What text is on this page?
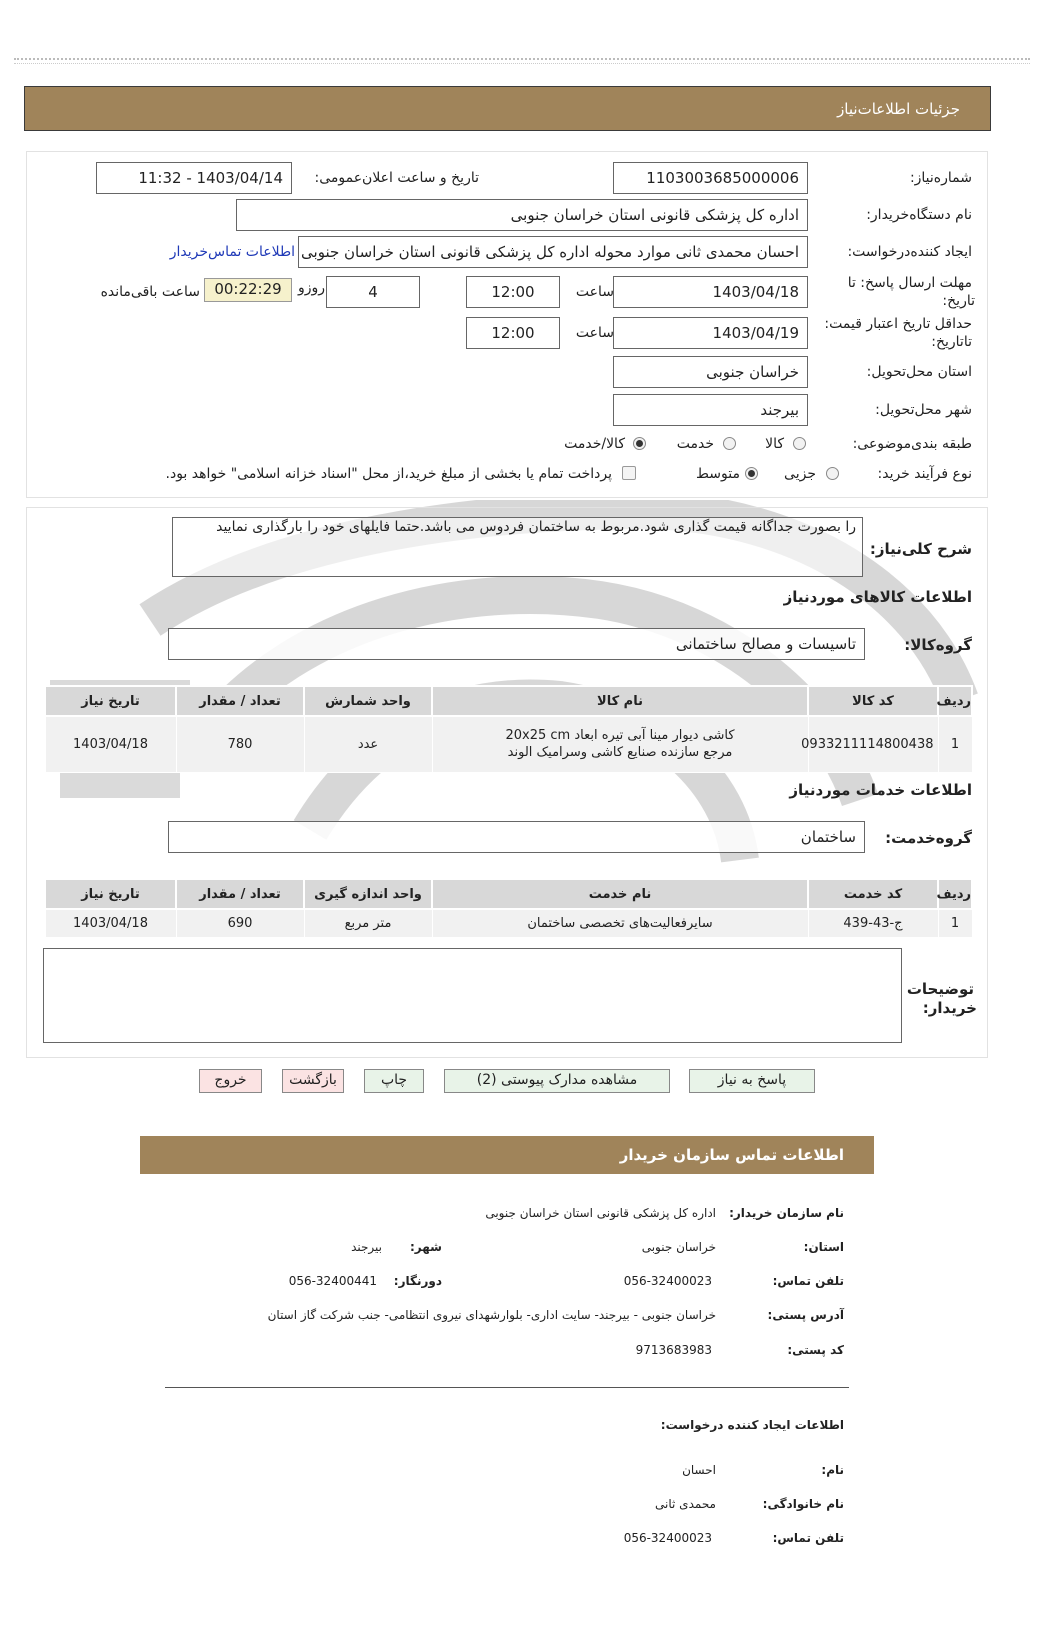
جزئیات اطلاعات‌نیاز
شماره‌نیاز:
1103003685000006
تاریخ و ساعت اعلان‌عمومی:
1403/04/14 - 11:32
نام دستگاه‌خریدار:
اداره کل پزشکی قانونی استان خراسان جنوبی
ایجاد کننده‌درخواست:
احسان محمدی ثانی موارد محوله اداره کل پزشکی قانونی استان خراسان جنوبی
اطلاعات تماس‌خریدار
مهلت ارسال پاسخ: تا
تاریخ:
1403/04/18
ساعت
12:00
4
روزو
00:22:29
ساعت باقی‌مانده
حداقل تاریخ اعتبار قیمت:
تاتاریخ:
1403/04/19
ساعت
12:00
استان محل‌تحویل:
خراسان جنوبی
شهر محل‌تحویل:
بیرجند
طبقه بندی‌موضوعی:
کالا
خدمت
کالا/خدمت
نوع فرآیند خرید:
جزیی
متوسط
پرداخت تمام یا بخشی از مبلغ خرید،از محل "اسناد خزانه اسلامی" خواهد بود.
شرح کلی‌نیاز:
را بصورت جداگانه قیمت گذاری شود.مربوط به ساختمان فردوس می باشد.حتما فایلهای خود را بارگذاری نمایید
اطلاعات کالاهای موردنیاز
گروه‌کالا:
تاسیسات و مصالح ساختمانی
ردیف	کد کالا	نام کالا	واحد شمارش	تعداد / مقدار	تاریخ نیاز
1	0933211114800438	کاشی دیوار مینا آبی تیره ابعاد 20x25 cm مرجع سازنده صنایع کاشی وسرامیک الوند	عدد	780	1403/04/18
اطلاعات خدمات موردنیاز
گروه‌خدمت:
ساختمان
ردیف	کد خدمت	نام خدمت	واحد اندازه گیری	تعداد / مقدار	تاریخ نیاز
1	ج-43-439	سایرفعالیت‌های تخصصی ساختمان	متر مربع	690	1403/04/18
توضیحات
خریدار:
پاسخ به نیاز
مشاهده مدارک پیوستی (2)
چاپ
بازگشت
خروج
اطلاعات تماس سازمان خریدار
نام سازمان خریدار:
اداره کل پزشکی قانونی استان خراسان جنوبی
استان:
خراسان جنوبی
شهر:
بیرجند
تلفن تماس:
056-32400023
دورنگار:
056-32400441
آدرس پستی:
خراسان جنوبی - بیرجند- سایت اداری- بلوارشهدای نیروی انتظامی- جنب شرکت گاز استان
کد پستی:
9713683983
اطلاعات ایجاد کننده درخواست:
نام:
احسان
نام خانوادگی:
محمدی ثانی
تلفن تماس:
056-32400023
